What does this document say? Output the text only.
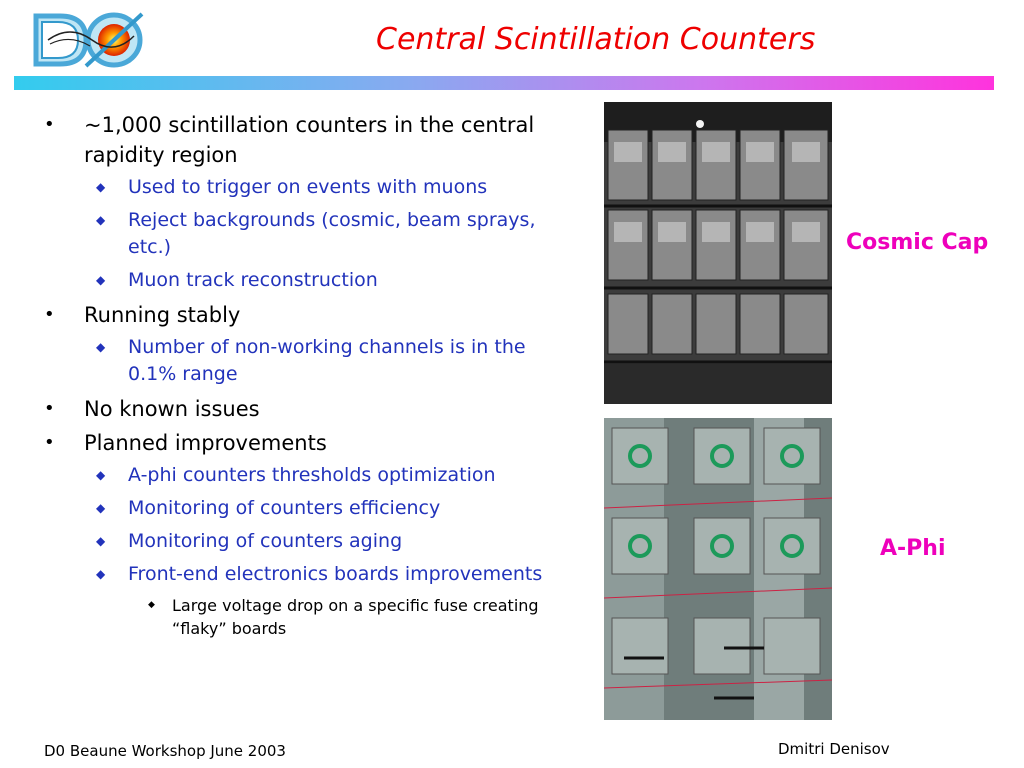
DØ
Central Scintillation Counters
• ~1,000 scintillation counters in the central rapidity region
◆ Used to trigger on events with muons
◆ Reject backgrounds (cosmic, beam sprays, etc.)
◆ Muon track reconstruction
• Running stably
◆ Number of non-working channels is in the 0.1% range
• No known issues
• Planned improvements
◆ A-phi counters thresholds optimization
◆ Monitoring of counters efficiency
◆ Monitoring of counters aging
◆ Front-end electronics boards improvements
◆ Large voltage drop on a specific fuse creating “flaky” boards
Cosmic Cap
A-Phi
D0 Beaune Workshop June 2003	Dmitri Denisov
